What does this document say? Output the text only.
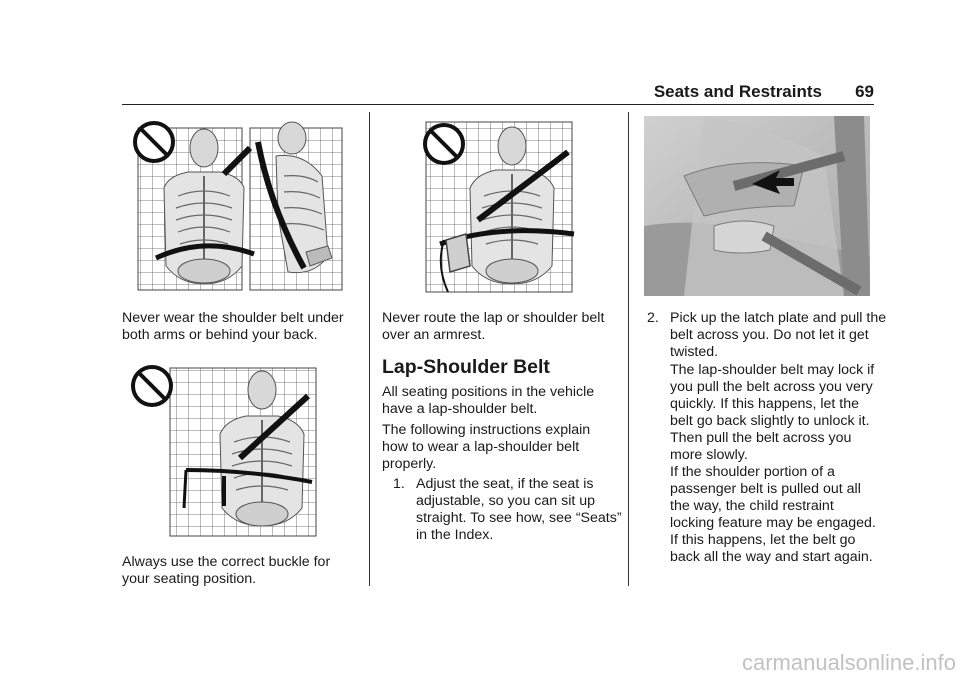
Seats and Restraints 69

Never wear the shoulder belt under both arms or behind your back.

Always use the correct buckle for your seating position.

Never route the lap or shoulder belt over an armrest.

Lap-Shoulder Belt

All seating positions in the vehicle have a lap-shoulder belt.

The following instructions explain how to wear a lap-shoulder belt properly.

1. Adjust the seat, if the seat is adjustable, so you can sit up straight. To see how, see “Seats” in the Index.
2. Pick up the latch plate and pull the belt across you. Do not let it get twisted.

The lap-shoulder belt may lock if you pull the belt across you very quickly. If this happens, let the belt go back slightly to unlock it. Then pull the belt across you more slowly.

If the shoulder portion of a passenger belt is pulled out all the way, the child restraint locking feature may be engaged. If this happens, let the belt go back all the way and start again.

carmanualsonline.info
